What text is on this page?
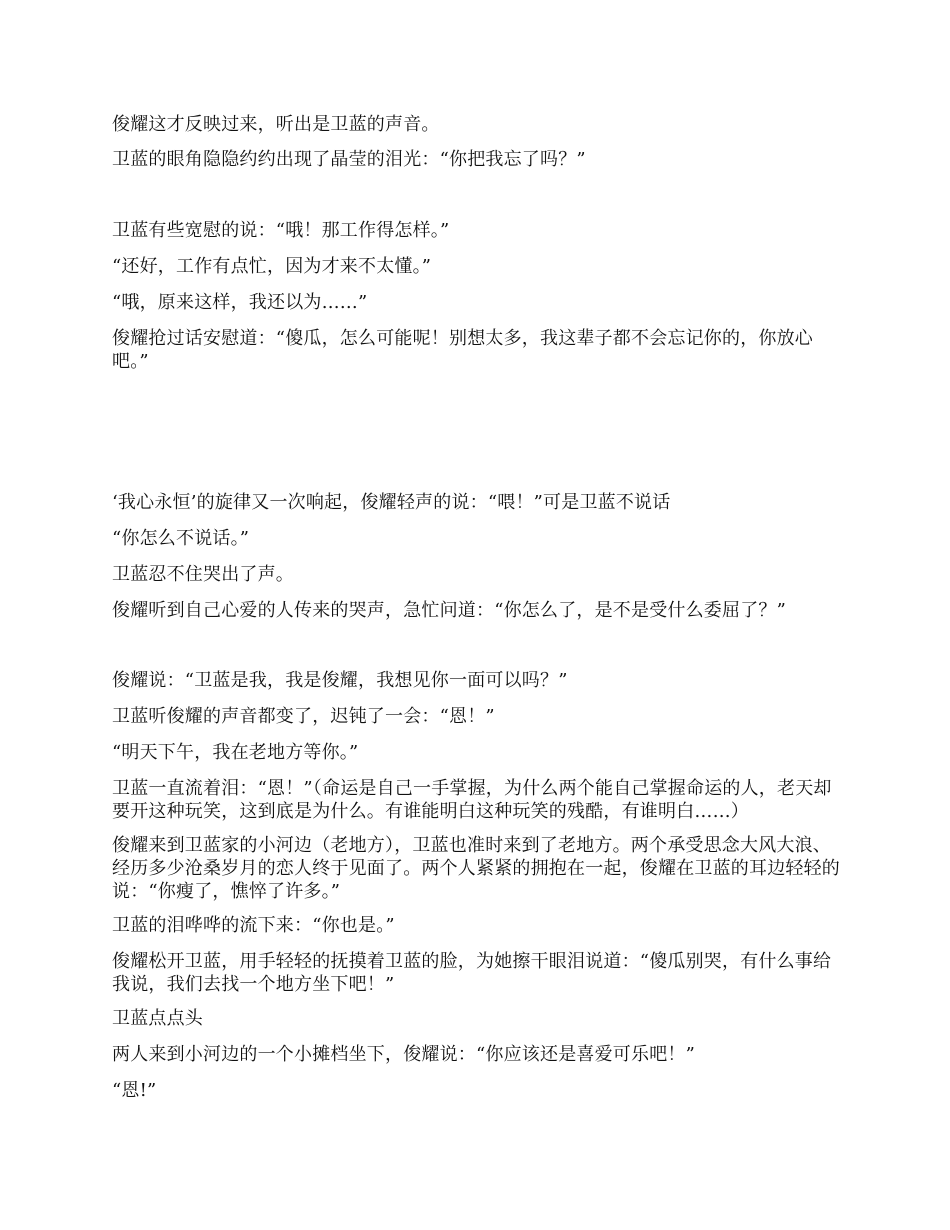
俊耀这才反映过来，听出是卫蓝的声音。

卫蓝的眼角隐隐约约出现了晶莹的泪光：“你把我忘了吗？”

卫蓝有些宽慰的说：“哦！那工作得怎样。”

“还好，工作有点忙，因为才来不太懂。”

“哦，原来这样，我还以为……”

俊耀抢过话安慰道：“傻瓜，怎么可能呢！别想太多，我这辈子都不会忘记你的，你放心吧。”

‘我心永恒’的旋律又一次响起，俊耀轻声的说：“喂！”可是卫蓝不说话

“你怎么不说话。”

卫蓝忍不住哭出了声。

俊耀听到自己心爱的人传来的哭声，急忙问道：“你怎么了，是不是受什么委屈了？”

俊耀说：“卫蓝是我，我是俊耀，我想见你一面可以吗？”

卫蓝听俊耀的声音都变了，迟钝了一会：“恩！”

“明天下午，我在老地方等你。”

卫蓝一直流着泪：“恩！”（命运是自己一手掌握，为什么两个能自己掌握命运的人，老天却要开这种玩笑，这到底是为什么。有谁能明白这种玩笑的残酷，有谁明白……）

俊耀来到卫蓝家的小河边（老地方），卫蓝也准时来到了老地方。两个承受思念大风大浪、经历多少沧桑岁月的恋人终于见面了。两个人紧紧的拥抱在一起，俊耀在卫蓝的耳边轻轻的说：“你瘦了，憔悴了许多。”

卫蓝的泪哗哗的流下来：“你也是。”

俊耀松开卫蓝，用手轻轻的抚摸着卫蓝的脸，为她擦干眼泪说道：“傻瓜别哭，有什么事给我说，我们去找一个地方坐下吧！”

卫蓝点点头

两人来到小河边的一个小摊档坐下，俊耀说：“你应该还是喜爱可乐吧！”

“恩!”
